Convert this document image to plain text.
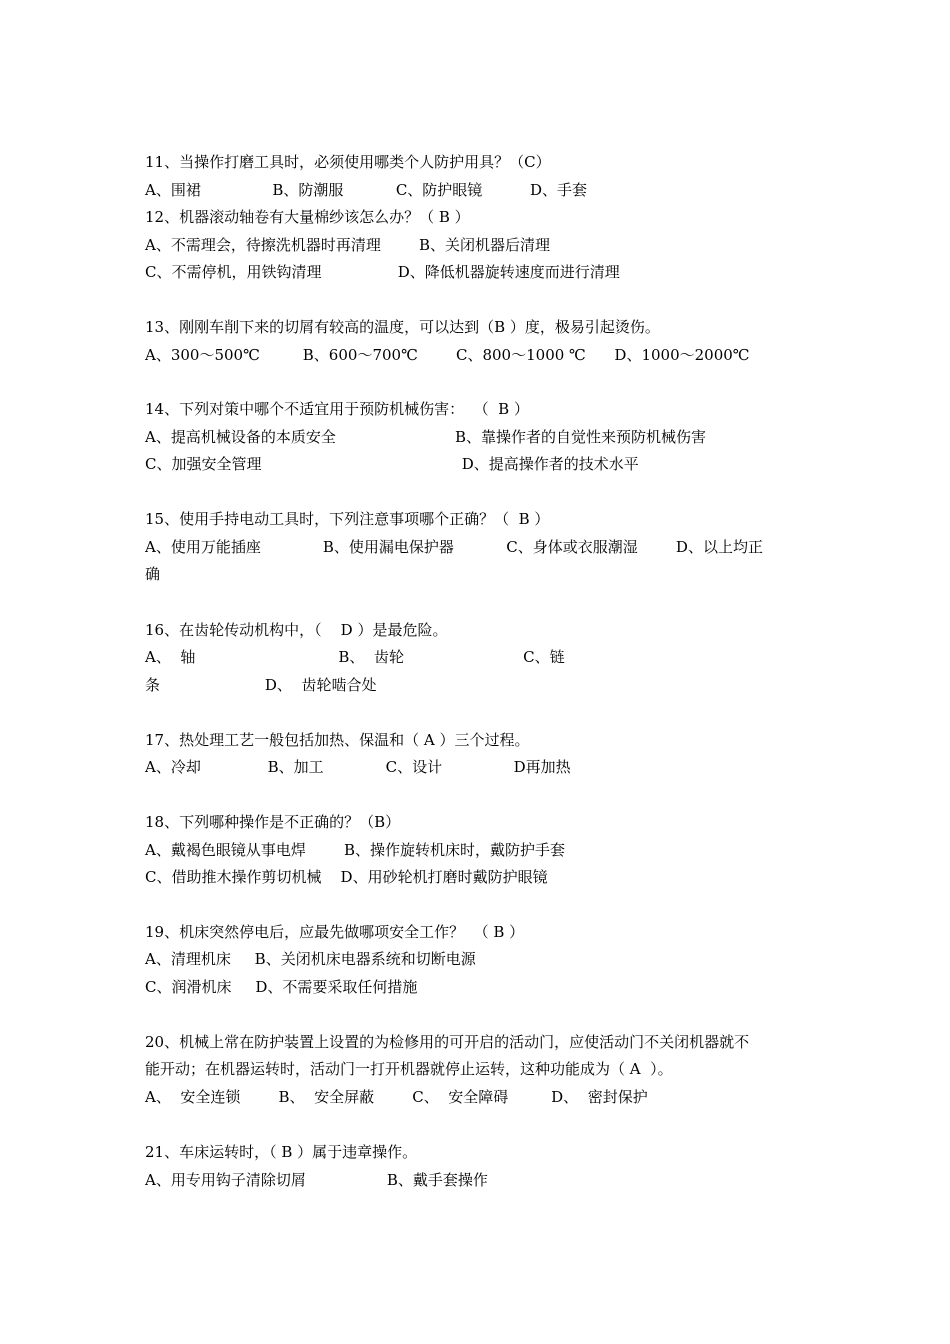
11、当操作打磨工具时，必须使用哪类个人防护用具？（C）
A、围裙               B、防潮服           C、防护眼镜          D、手套
12、机器滚动轴卷有大量棉纱该怎么办？（ B ）
A、不需理会，待擦洗机器时再清理        B、关闭机器后清理
C、不需停机，用铁钩清理                D、降低机器旋转速度而进行清理
13、刚刚车削下来的切屑有较高的温度，可以达到（B ）度，极易引起烫伤。
A、300～500℃         B、600～700℃        C、800～1000 ℃      D、1000～2000℃
14、下列对策中哪个不适宜用于预防机械伤害：  （  B ）
A、提高机械设备的本质安全                         B、靠操作者的自觉性来预防机械伤害
C、加强安全管理                                          D、提高操作者的技术水平
15、使用手持电动工具时，下列注意事项哪个正确？（  B ）
A、使用万能插座             B、使用漏电保护器           C、身体或衣服潮湿        D、以上均正
确
16、在齿轮传动机构中，（    D ）是最危险。
A、  轴                              B、  齿轮                         C、链
条                      D、  齿轮啮合处
17、热处理工艺一般包括加热、保温和（ A ）三个过程。
A、冷却              B、加工             C、设计               D再加热
18、下列哪种操作是不正确的？（B）
A、戴褐色眼镜从事电焊        B、操作旋转机床时，戴防护手套
C、借助推木操作剪切机械    D、用砂轮机打磨时戴防护眼镜
19、机床突然停电后，应最先做哪项安全工作？  （ B ）
A、清理机床     B、关闭机床电器系统和切断电源
C、润滑机床     D、不需要采取任何措施
20、机械上常在防护装置上设置的为检修用的可开启的活动门，应使活动门不关闭机器就不
能开动；在机器运转时，活动门一打开机器就停止运转，这种功能成为（ A  ）。
A、  安全连锁        B、  安全屏蔽        C、  安全障碍         D、  密封保护
21、车床运转时，（ B ）属于违章操作。
A、用专用钩子清除切屑                 B、戴手套操作
